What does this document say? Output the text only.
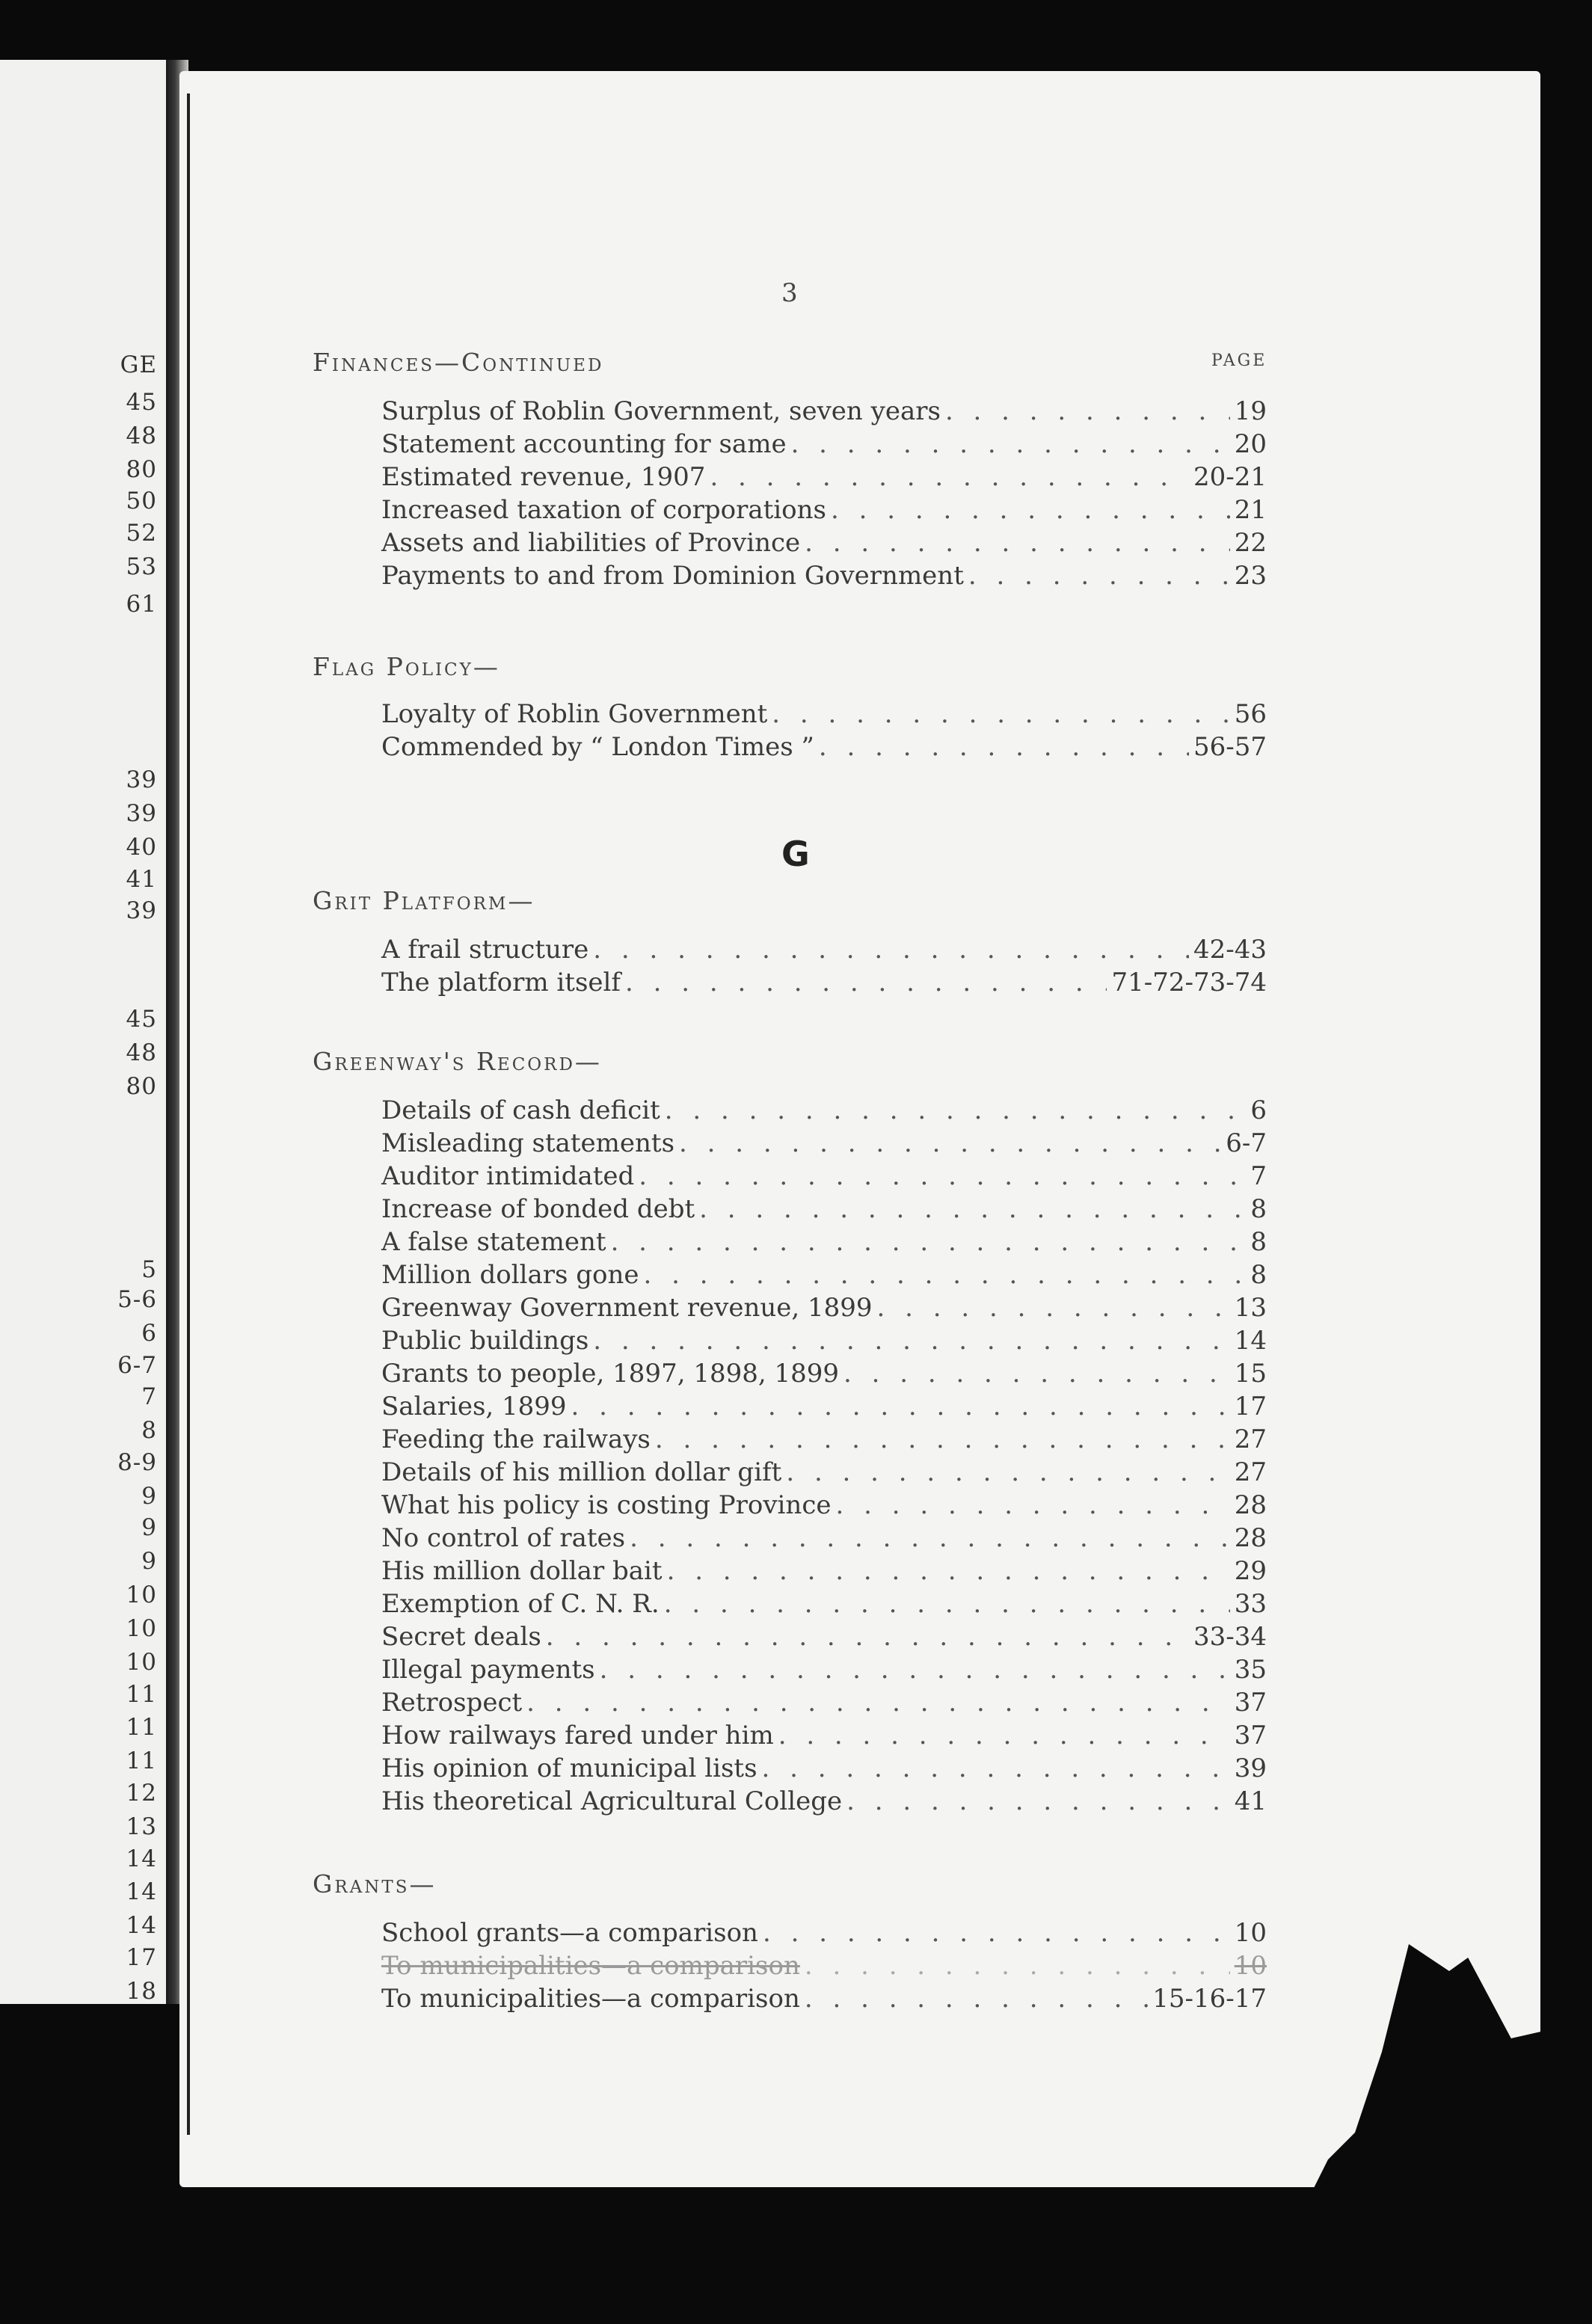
GE
45
48
80
50
52
53
61
39
39
40
41
39
45
48
80
5
5-6
6
6-7
7
8
8-9
9
9
9
10
10
10
11
11
11
12
13
14
14
14
17
18
3
PAGE
G
Finances—Continued
Surplus of Roblin Government, seven years . . .	19
Statement accounting for same . . .	20
Estimated revenue, 1907 . . .	20-21
Increased taxation of corporations . . .	21
Assets and liabilities of Province . . .	22
Payments to and from Dominion Government . . .	23
Flag Policy—
Loyalty of Roblin Government . . .	56
Commended by “ London Times ” . . .	56-57
Grit Platform—
A frail structure . . .	42-43
The platform itself . . .	71-72-73-74
Greenway's Record—
Details of cash deficit . . .	6
Misleading statements . . .	6-7
Auditor intimidated . . .	7
Increase of bonded debt . . .	8
A false statement . . .	8
Million dollars gone . . .	8
Greenway Government revenue, 1899 . . .	13
Public buildings . . .	14
Grants to people, 1897, 1898, 1899 . . .	15
Salaries, 1899 . . .	17
Feeding the railways . . .	27
Details of his million dollar gift . . .	27
What his policy is costing Province . . .	28
No control of rates . . .	28
His million dollar bait . . .	29
Exemption of C. N. R. . . .	33
Secret deals . . .	33-34
Illegal payments . . .	35
Retrospect . . .	37
How railways fared under him . . .	37
His opinion of municipal lists . . .	39
His theoretical Agricultural College . . .	41
Grants—
School grants—a comparison . . .	10
To municipalities—a comparison . . .	10
To municipalities—a comparison . . .	15-16-17
